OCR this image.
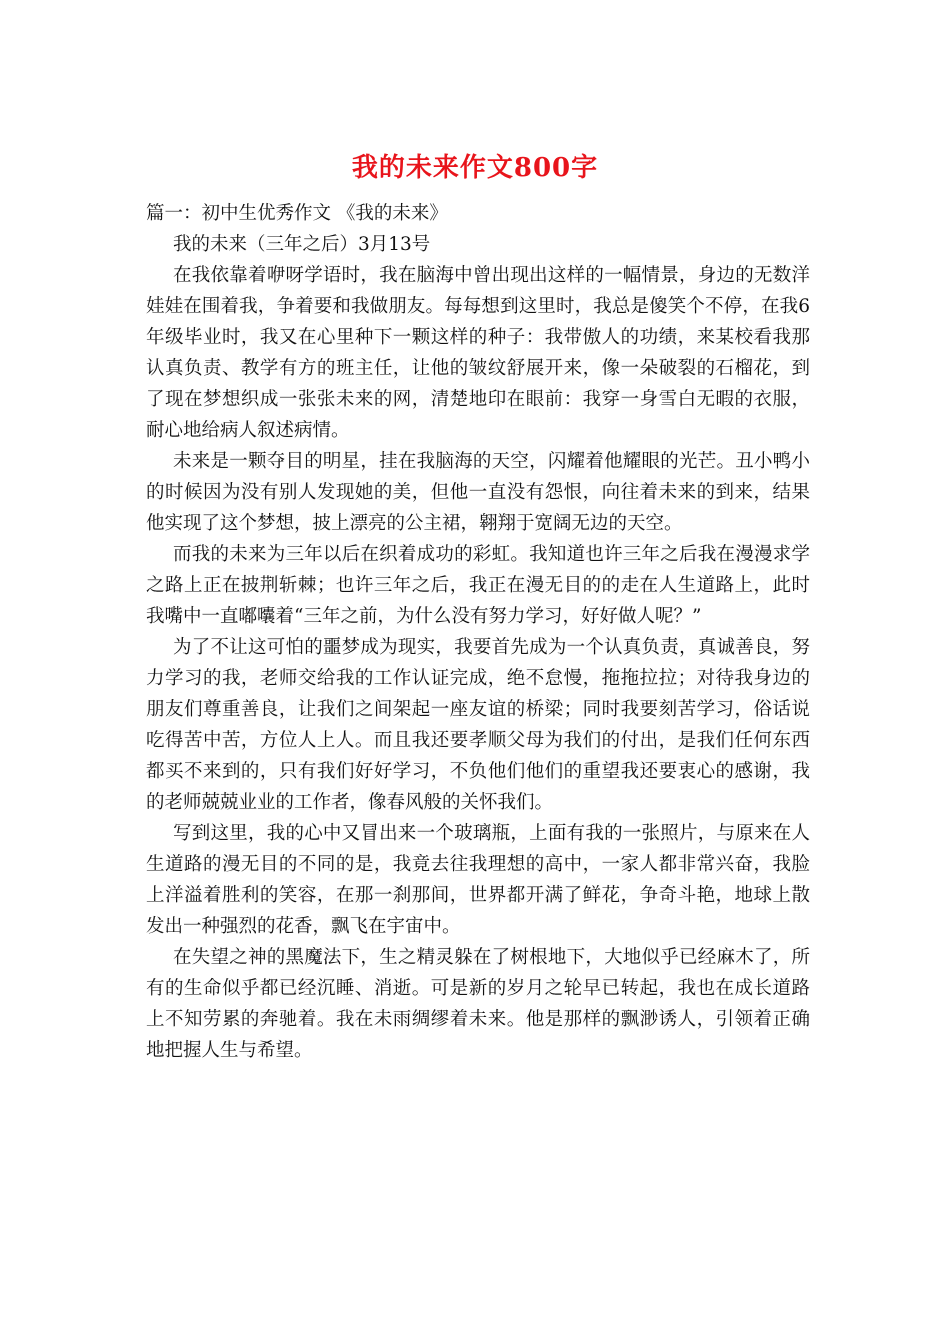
我的未来作文800字

篇一：初中生优秀作文 《我的未来》

我的未来（三年之后）3月13号

在我依靠着咿呀学语时，我在脑海中曾出现出这样的一幅情景，身边的无数洋娃娃在围着我，争着要和我做朋友。每每想到这里时，我总是傻笑个不停，在我6年级毕业时，我又在心里种下一颗这样的种子：我带傲人的功绩，来某校看我那认真负责、教学有方的班主任，让他的皱纹舒展开来，像一朵破裂的石榴花，到了现在梦想织成一张张未来的网，清楚地印在眼前：我穿一身雪白无暇的衣服，耐心地给病人叙述病情。

未来是一颗夺目的明星，挂在我脑海的天空，闪耀着他耀眼的光芒。丑小鸭小的时候因为没有别人发现她的美，但他一直没有怨恨，向往着未来的到来，结果他实现了这个梦想，披上漂亮的公主裙，翱翔于宽阔无边的天空。

而我的未来为三年以后在织着成功的彩虹。我知道也许三年之后我在漫漫求学之路上正在披荆斩棘；也许三年之后，我正在漫无目的的走在人生道路上，此时我嘴中一直嘟囔着“三年之前，为什么没有努力学习，好好做人呢？”

为了不让这可怕的噩梦成为现实，我要首先成为一个认真负责，真诚善良，努力学习的我，老师交给我的工作认证完成，绝不怠慢，拖拖拉拉；对待我身边的朋友们尊重善良，让我们之间架起一座友谊的桥梁；同时我要刻苦学习，俗话说吃得苦中苦，方位人上人。而且我还要孝顺父母为我们的付出，是我们任何东西都买不来到的，只有我们好好学习，不负他们他们的重望我还要衷心的感谢，我的老师兢兢业业的工作者，像春风般的关怀我们。

写到这里，我的心中又冒出来一个玻璃瓶，上面有我的一张照片，与原来在人生道路的漫无目的不同的是，我竟去往我理想的高中，一家人都非常兴奋，我脸上洋溢着胜利的笑容，在那一刹那间，世界都开满了鲜花，争奇斗艳，地球上散发出一种强烈的花香，飘飞在宇宙中。

在失望之神的黑魔法下，生之精灵躲在了树根地下，大地似乎已经麻木了，所有的生命似乎都已经沉睡、消逝。可是新的岁月之轮早已转起，我也在成长道路上不知劳累的奔驰着。我在未雨绸缪着未来。他是那样的飘渺诱人，引领着正确地把握人生与希望。
